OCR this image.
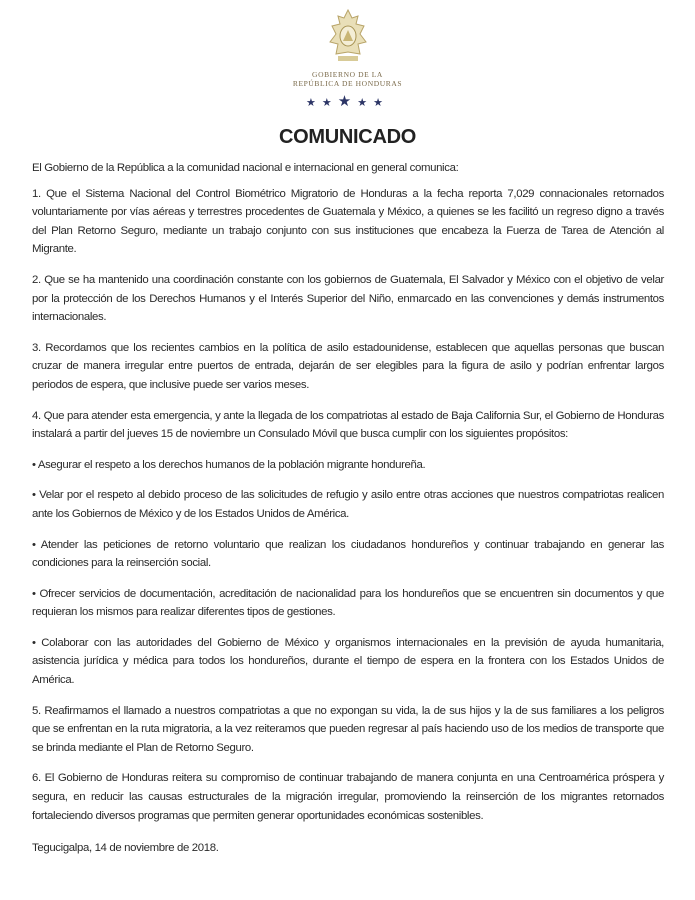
GOBIERNO DE LA
REPÚBLICA DE HONDURAS
★★★★★
COMUNICADO

El Gobierno de la República a la comunidad nacional e internacional en general comunica:

1. Que el Sistema Nacional del Control Biométrico Migratorio de Honduras a la fecha reporta 7,029 connacionales retornados voluntariamente por vías aéreas y terrestres procedentes de Guatemala y México, a quienes se les facilitó un regreso digno a través del Plan Retorno Seguro, mediante un trabajo conjunto con sus instituciones que encabeza la Fuerza de Tarea de Atención al Migrante.

2. Que se ha mantenido una coordinación constante con los gobiernos de Guatemala, El Salvador y México con el objetivo de velar por la protección de los Derechos Humanos y el Interés Superior del Niño, enmarcado en las convenciones y demás instrumentos internacionales.

3. Recordamos que los recientes cambios en la política de asilo estadounidense, establecen que aquellas personas que buscan cruzar de manera irregular entre puertos de entrada, dejarán de ser elegibles para la figura de asilo y podrían enfrentar largos periodos de espera, que inclusive puede ser varios meses.

4. Que para atender esta emergencia, y ante la llegada de los compatriotas al estado de Baja California Sur, el Gobierno de Honduras instalará a partir del jueves 15 de noviembre un Consulado Móvil que busca cumplir con los siguientes propósitos:

• Asegurar el respeto a los derechos humanos de la población migrante hondureña.

• Velar por el respeto al debido proceso de las solicitudes de refugio y asilo entre otras acciones que nuestros compatriotas realicen ante los Gobiernos de México y de los Estados Unidos de América.

• Atender las peticiones de retorno voluntario que realizan los ciudadanos hondureños y continuar trabajando en generar las condiciones para la reinserción social.

• Ofrecer servicios de documentación, acreditación de nacionalidad para los hondureños que se encuentren sin documentos y que requieran los mismos para realizar diferentes tipos de gestiones.

• Colaborar con las autoridades del Gobierno de México y organismos internacionales en la previsión de ayuda humanitaria, asistencia jurídica y médica para todos los hondureños, durante el tiempo de espera en la frontera con los Estados Unidos de América.

5. Reafirmamos el llamado a nuestros compatriotas a que no expongan su vida, la de sus hijos y la de sus familiares a los peligros que se enfrentan en la ruta migratoria, a la vez reiteramos que pueden regresar al país haciendo uso de los medios de transporte que se brinda mediante el Plan de Retorno Seguro.

6. El Gobierno de Honduras reitera su compromiso de continuar trabajando de manera conjunta en una Centroamérica próspera y segura, en reducir las causas estructurales de la migración irregular, promoviendo la reinserción de los migrantes retornados fortaleciendo diversos programas que permiten generar oportunidades económicas sostenibles.

Tegucigalpa, 14 de noviembre de 2018.
